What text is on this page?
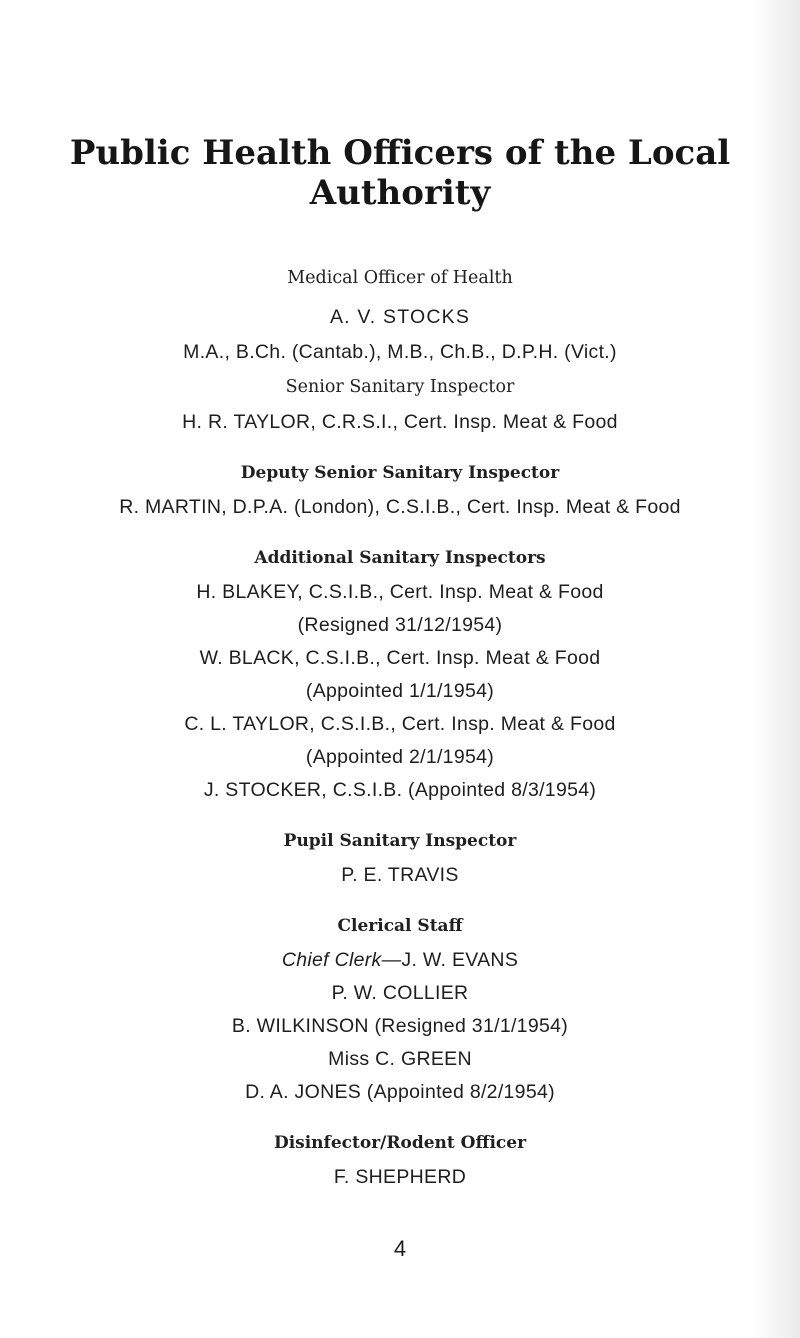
Public Health Officers of the Local
Authority
Medical Officer of Health
A. V. STOCKS
M.A., B.Ch. (Cantab.), M.B., Ch.B., D.P.H. (Vict.)
Senior Sanitary Inspector
H. R. TAYLOR, C.R.S.I., Cert. Insp. Meat & Food
Deputy Senior Sanitary Inspector
R. MARTIN, D.P.A. (London), C.S.I.B., Cert. Insp. Meat & Food
Additional Sanitary Inspectors
H. BLAKEY, C.S.I.B., Cert. Insp. Meat & Food
(Resigned 31/12/1954)
W. BLACK, C.S.I.B., Cert. Insp. Meat & Food
(Appointed 1/1/1954)
C. L. TAYLOR, C.S.I.B., Cert. Insp. Meat & Food
(Appointed 2/1/1954)
J. STOCKER, C.S.I.B. (Appointed 8/3/1954)
Pupil Sanitary Inspector
P. E. TRAVIS
Clerical Staff
Chief Clerk—J. W. EVANS
P. W. COLLIER
B. WILKINSON (Resigned 31/1/1954)
Miss C. GREEN
D. A. JONES (Appointed 8/2/1954)
Disinfector/Rodent Officer
F. SHEPHERD
4
